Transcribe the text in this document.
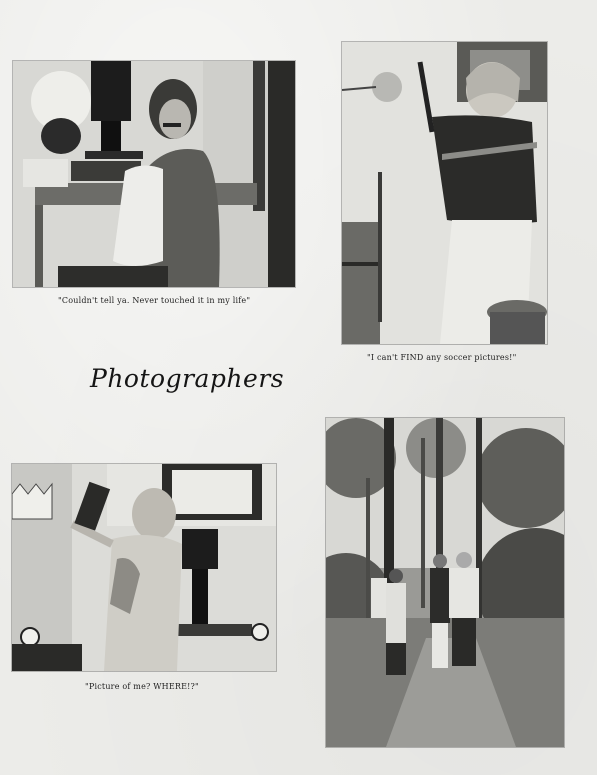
"Couldn't tell ya. Never touched it in my life"
"I can't FIND any soccer pictures!"
Photographers
"Picture of me? WHERE!?"
